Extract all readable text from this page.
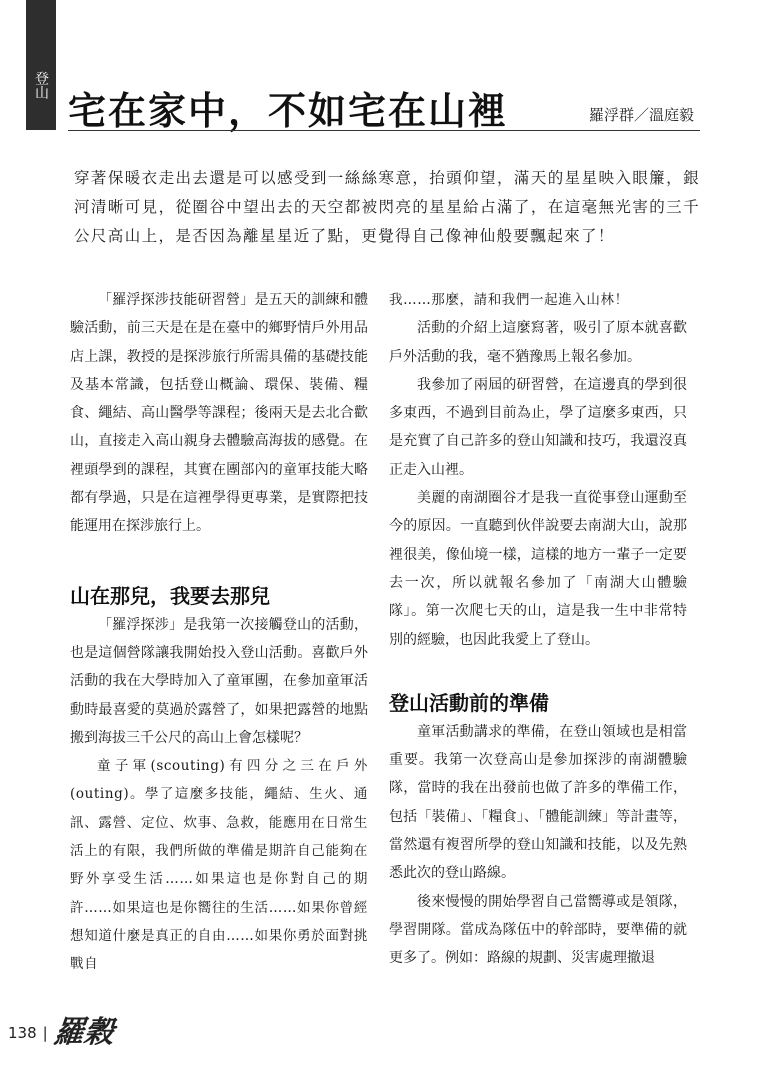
登山
宅在家中，不如宅在山裡	羅浮群／溫庭毅

穿著保暖衣走出去還是可以感受到一絲絲寒意，抬頭仰望，滿天的星星映入眼簾，銀河清晰可見，從圈谷中望出去的天空都被閃亮的星星給占滿了，在這毫無光害的三千公尺高山上，是否因為離星星近了點，更覺得自己像神仙般要飄起來了！

「羅浮探涉技能研習營」是五天的訓練和體驗活動，前三天是在是在臺中的鄉野情戶外用品店上課，教授的是探涉旅行所需具備的基礎技能及基本常識，包括登山概論、環保、裝備、糧食、繩結、高山醫學等課程；後兩天是去北合歡山，直接走入高山親身去體驗高海拔的感覺。在裡頭學到的課程，其實在團部內的童軍技能大略都有學過，只是在這裡學得更專業，是實際把技能運用在探涉旅行上。

山在那兒，我要去那兒

「羅浮探涉」是我第一次接觸登山的活動，也是這個營隊讓我開始投入登山活動。喜歡戶外活動的我在大學時加入了童軍團，在參加童軍活動時最喜愛的莫過於露營了，如果把露營的地點搬到海拔三千公尺的高山上會怎樣呢？

童子軍(scouting)有四分之三在戶外(outing)。學了這麼多技能，繩結、生火、通訊、露營、定位、炊事、急救，能應用在日常生活上的有限，我們所做的準備是期許自己能夠在野外享受生活……如果這也是你對自己的期許……如果這也是你嚮往的生活……如果你曾經想知道什麼是真正的自由……如果你勇於面對挑戰自

我……那麼，請和我們一起進入山林！

活動的介紹上這麼寫著，吸引了原本就喜歡戶外活動的我，毫不猶豫馬上報名參加。

我參加了兩屆的研習營，在這邊真的學到很多東西，不過到目前為止，學了這麼多東西，只是充實了自己許多的登山知識和技巧，我還沒真正走入山裡。

美麗的南湖圈谷才是我一直從事登山運動至今的原因。一直聽到伙伴說要去南湖大山，說那裡很美，像仙境一樣，這樣的地方一輩子一定要去一次，所以就報名參加了「南湖大山體驗隊」。第一次爬七天的山，這是我一生中非常特別的經驗，也因此我愛上了登山。

登山活動前的準備

童軍活動講求的準備，在登山領域也是相當重要。我第一次登高山是參加探涉的南湖體驗隊，當時的我在出發前也做了許多的準備工作，包括「裝備」、「糧食」、「體能訓練」等計畫等，當然還有複習所學的登山知識和技能，以及先熟悉此次的登山路線。

後來慢慢的開始學習自己當嚮導或是領隊，學習開隊。當成為隊伍中的幹部時，要準備的就更多了。例如：路線的規劃、災害處理撤退

138 | 羅穀
